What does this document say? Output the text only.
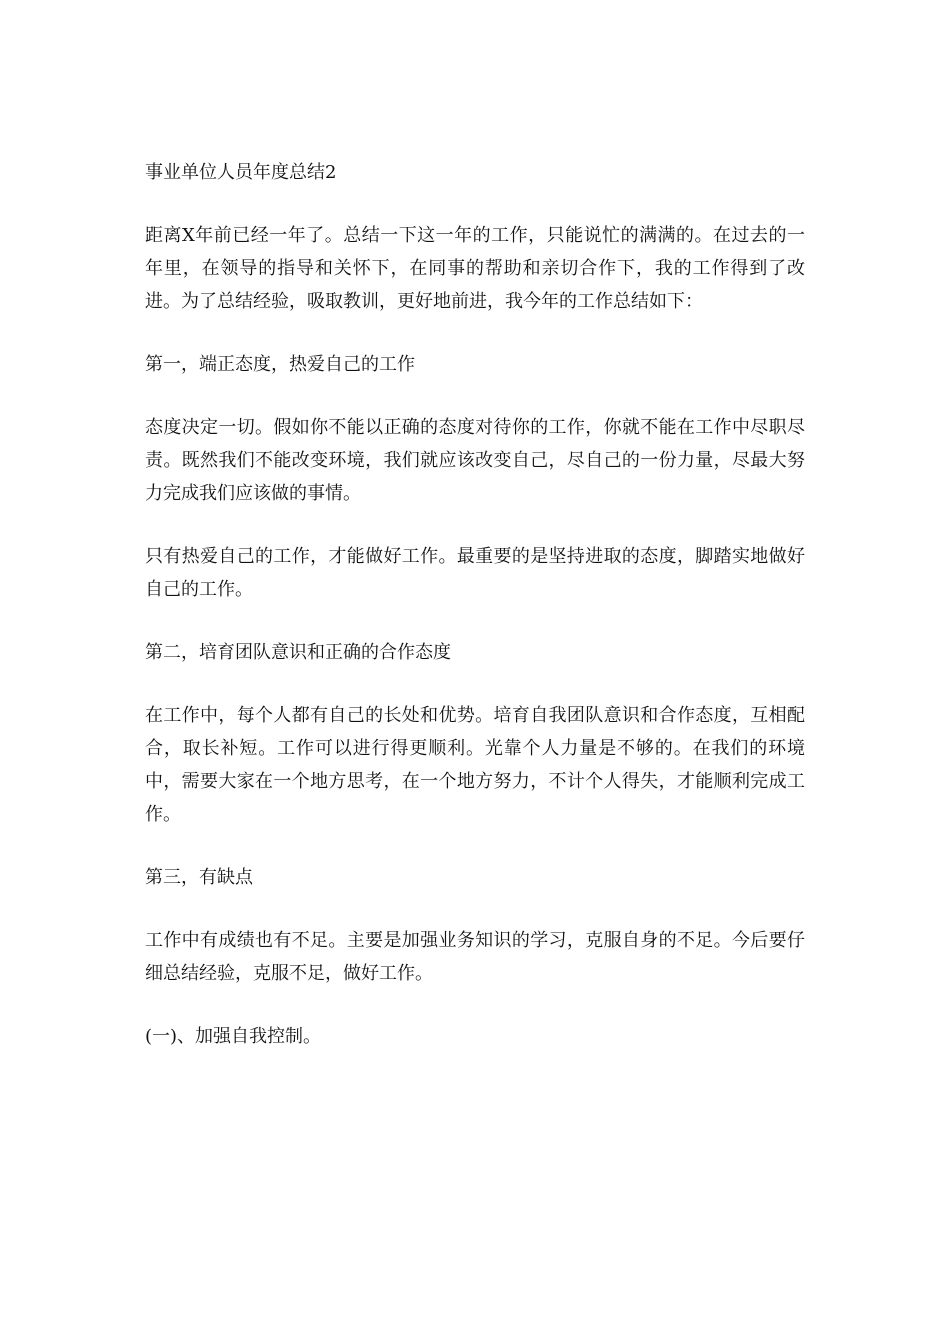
事业单位人员年度总结2

距离X年前已经一年了。总结一下这一年的工作，只能说忙的满满的。在过去的一年里，在领导的指导和关怀下，在同事的帮助和亲切合作下，我的工作得到了改进。为了总结经验，吸取教训，更好地前进，我今年的工作总结如下：

第一，端正态度，热爱自己的工作

态度决定一切。假如你不能以正确的态度对待你的工作，你就不能在工作中尽职尽责。既然我们不能改变环境，我们就应该改变自己，尽自己的一份力量，尽最大努力完成我们应该做的事情。

只有热爱自己的工作，才能做好工作。最重要的是坚持进取的态度，脚踏实地做好自己的工作。

第二，培育团队意识和正确的合作态度

在工作中，每个人都有自己的长处和优势。培育自我团队意识和合作态度，互相配合，取长补短。工作可以进行得更顺利。光靠个人力量是不够的。在我们的环境中，需要大家在一个地方思考，在一个地方努力，不计个人得失，才能顺利完成工作。

第三，有缺点

工作中有成绩也有不足。主要是加强业务知识的学习，克服自身的不足。今后要仔细总结经验，克服不足，做好工作。

(一)、加强自我控制。
